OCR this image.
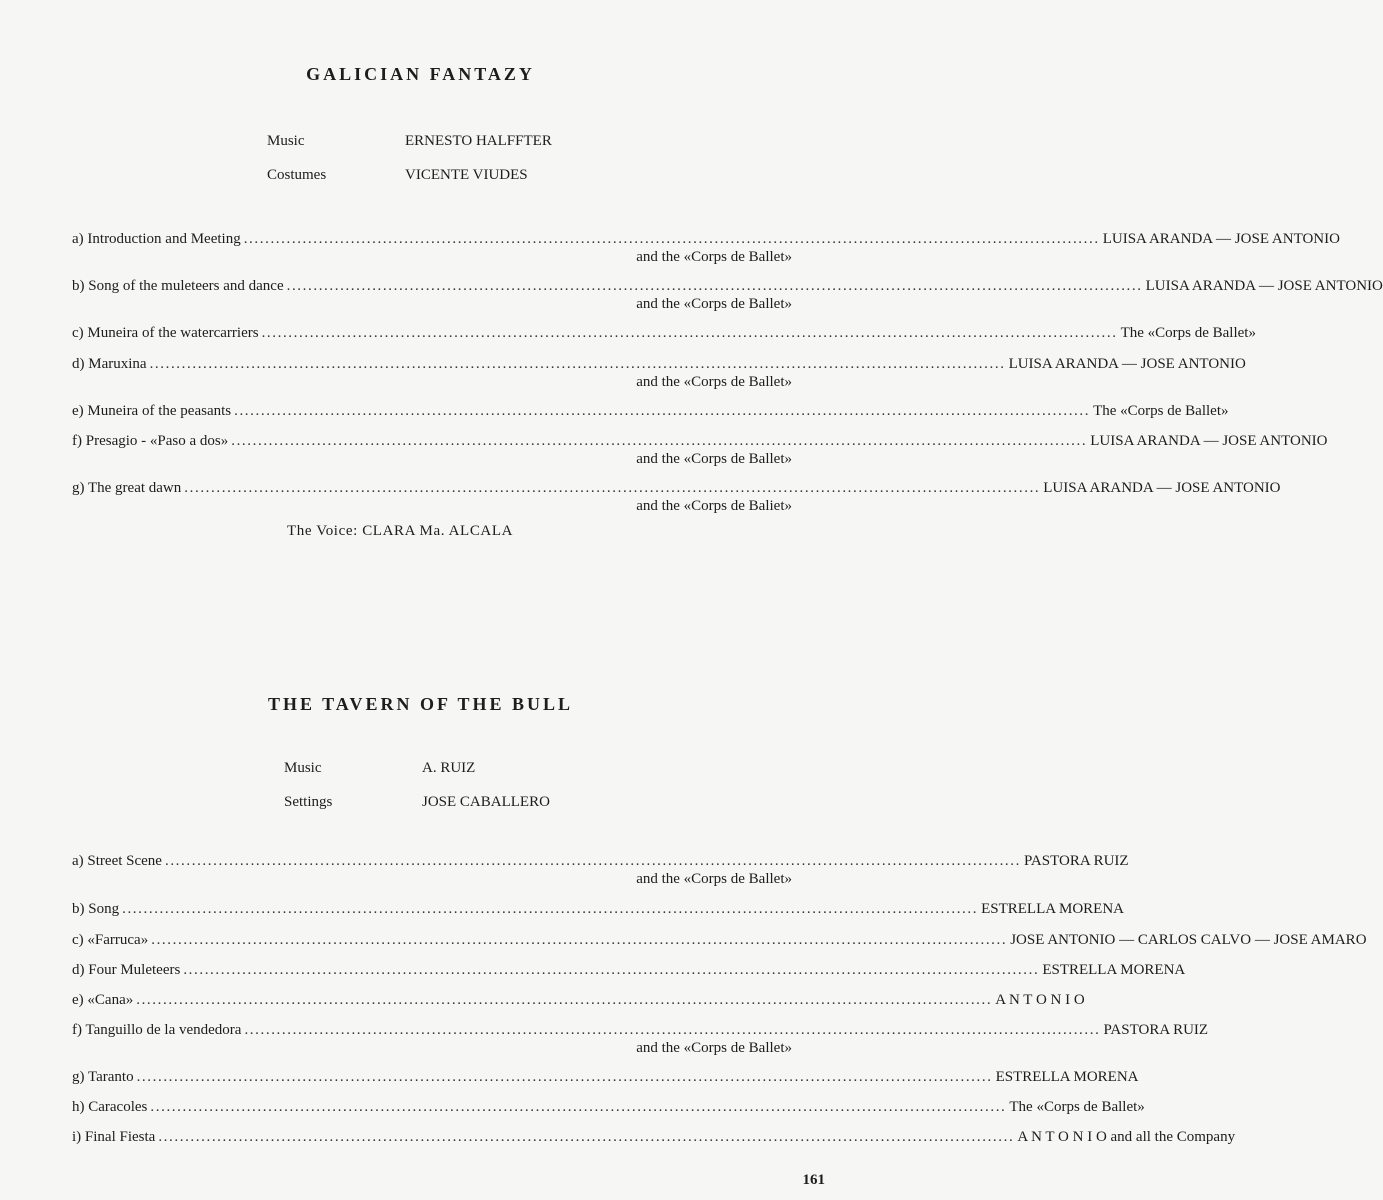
GALICIAN FANTAZY
Music	ERNESTO HALFFTER
Costumes	VICENTE VIUDES
a) Introduction and Meeting ................................................................................................................................................................ LUISA ARANDA — JOSE ANTONIO
and the «Corps de Ballet»
b) Song of the muleteers and dance ................................................................................................................................................................ LUISA ARANDA — JOSE ANTONIO
and the «Corps de Ballet»
c) Muneira of the watercarriers ................................................................................................................................................................ The «Corps de Ballet»
d) Maruxina ................................................................................................................................................................ LUISA ARANDA — JOSE ANTONIO
and the «Corps de Ballet»
e) Muneira of the peasants ................................................................................................................................................................ The «Corps de Ballet»
f) Presagio - «Paso a dos» ................................................................................................................................................................ LUISA ARANDA — JOSE ANTONIO
and the «Corps de Ballet»
g) The great dawn ................................................................................................................................................................ LUISA ARANDA — JOSE ANTONIO
and the «Corps de Baliet»
The Voice: CLARA Ma. ALCALA
THE TAVERN OF THE BULL
Music	A. RUIZ
Settings	JOSE CABALLERO
a) Street Scene ................................................................................................................................................................ PASTORA RUIZ
and the «Corps de Ballet»
b) Song ................................................................................................................................................................ ESTRELLA MORENA
c) «Farruca» ................................................................................................................................................................ JOSE ANTONIO — CARLOS CALVO — JOSE AMARO
d) Four Muleteers ................................................................................................................................................................ ESTRELLA MORENA
e) «Cana» ................................................................................................................................................................ A N T O N I O
f) Tanguillo de la vendedora ................................................................................................................................................................ PASTORA RUIZ
and the «Corps de Ballet»
g) Taranto ................................................................................................................................................................ ESTRELLA MORENA
h) Caracoles ................................................................................................................................................................ The «Corps de Ballet»
i) Final Fiesta ................................................................................................................................................................ A N T O N I O and all the Company
161
